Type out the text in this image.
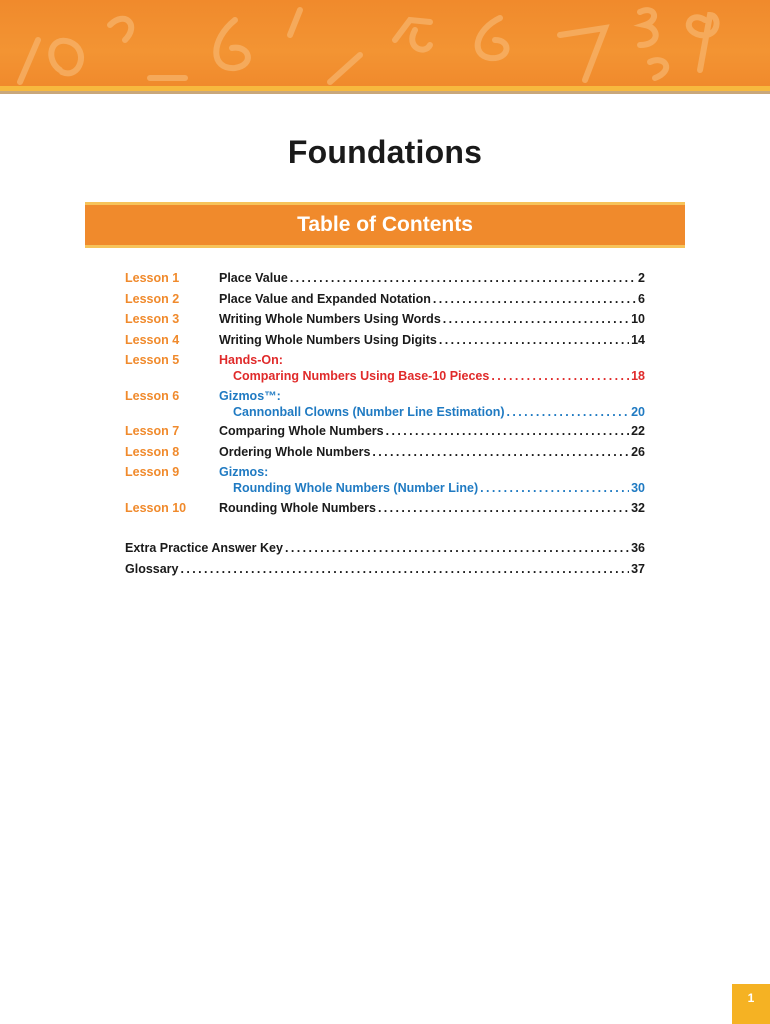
Foundations
Table of Contents
Lesson 1	Place Value .....	2
Lesson 2	Place Value and Expanded Notation .....	6
Lesson 3	Writing Whole Numbers Using Words .....	10
Lesson 4	Writing Whole Numbers Using Digits .....	14
Lesson 5	Hands-On:
Comparing Numbers Using Base-10 Pieces .....	18
Lesson 6	Gizmos™:
Cannonball Clowns (Number Line Estimation) .....	20
Lesson 7	Comparing Whole Numbers .....	22
Lesson 8	Ordering Whole Numbers .....	26
Lesson 9	Gizmos:
Rounding Whole Numbers (Number Line) .....	30
Lesson 10	Rounding Whole Numbers .....	32
Extra Practice Answer Key .....	36
Glossary .....	37
1
